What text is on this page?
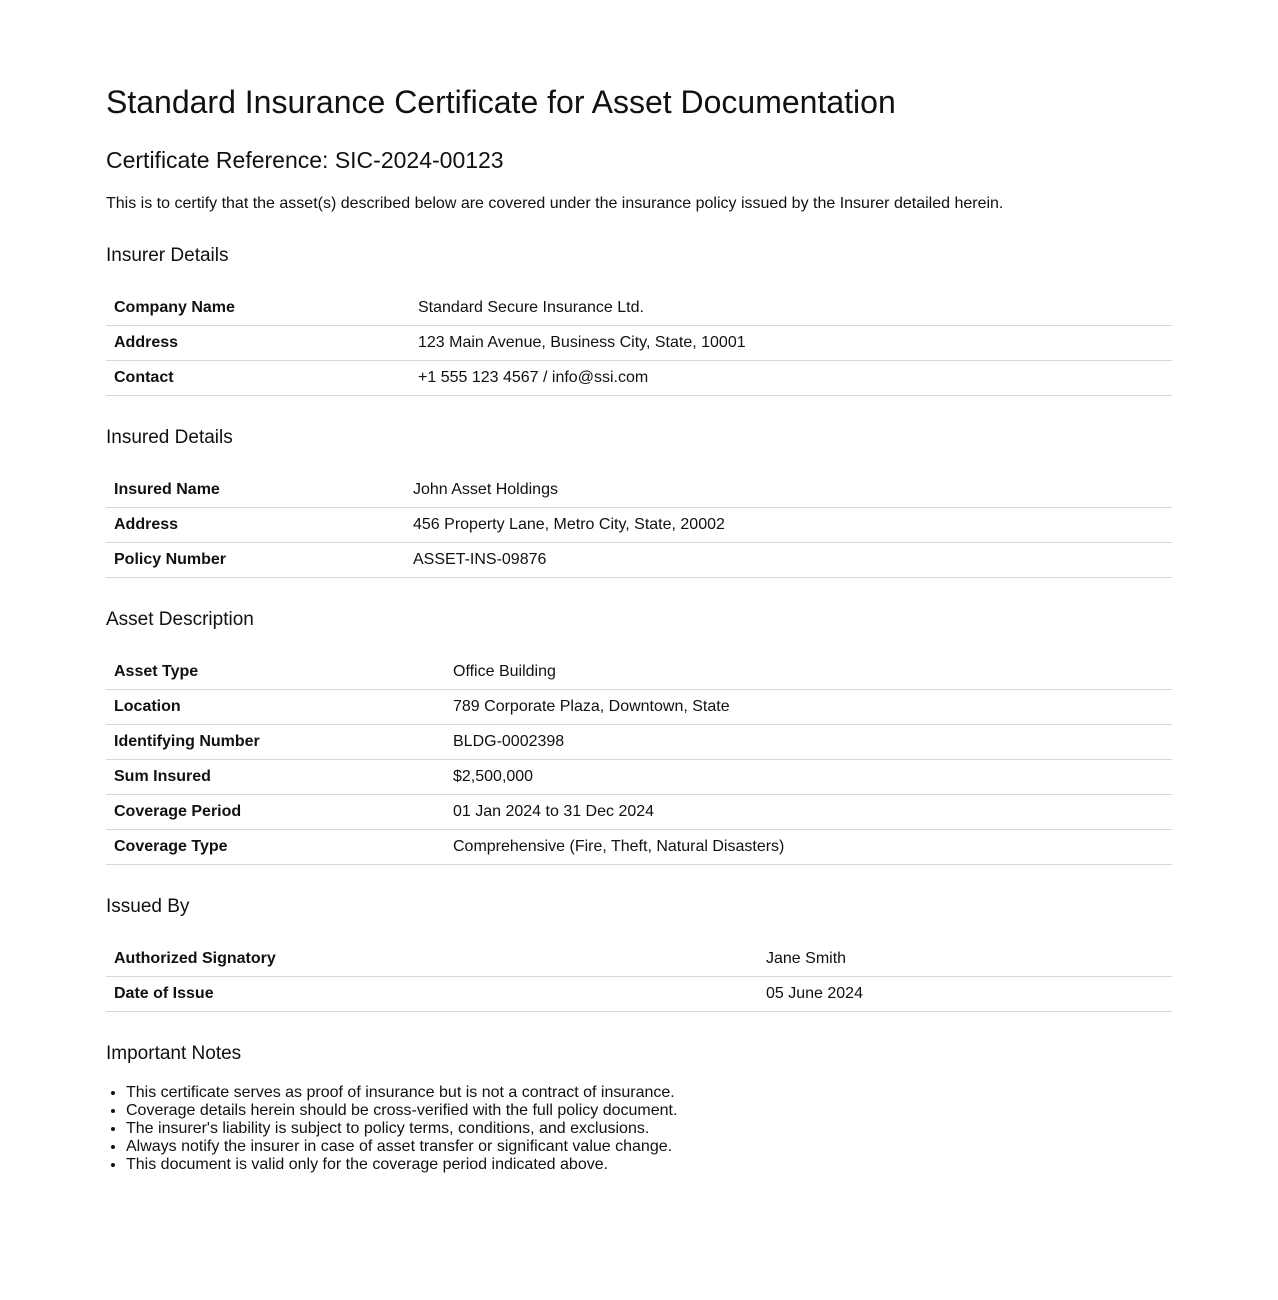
Standard Insurance Certificate for Asset Documentation
Certificate Reference: SIC-2024-00123

This is to certify that the asset(s) described below are covered under the insurance policy issued by the Insurer detailed herein.

Insurer Details
Company Name	Standard Secure Insurance Ltd.
Address	123 Main Avenue, Business City, State, 10001
Contact	+1 555 123 4567 / info@ssi.com
Insured Details
Insured Name	John Asset Holdings
Address	456 Property Lane, Metro City, State, 20002
Policy Number	ASSET-INS-09876
Asset Description
Asset Type	Office Building
Location	789 Corporate Plaza, Downtown, State
Identifying Number	BLDG-0002398
Sum Insured	$2,500,000
Coverage Period	01 Jan 2024 to 31 Dec 2024
Coverage Type	Comprehensive (Fire, Theft, Natural Disasters)
Issued By
Authorized Signatory	Jane Smith
Date of Issue	05 June 2024
Important Notes
• This certificate serves as proof of insurance but is not a contract of insurance.
• Coverage details herein should be cross-verified with the full policy document.
• The insurer's liability is subject to policy terms, conditions, and exclusions.
• Always notify the insurer in case of asset transfer or significant value change.
• This document is valid only for the coverage period indicated above.
